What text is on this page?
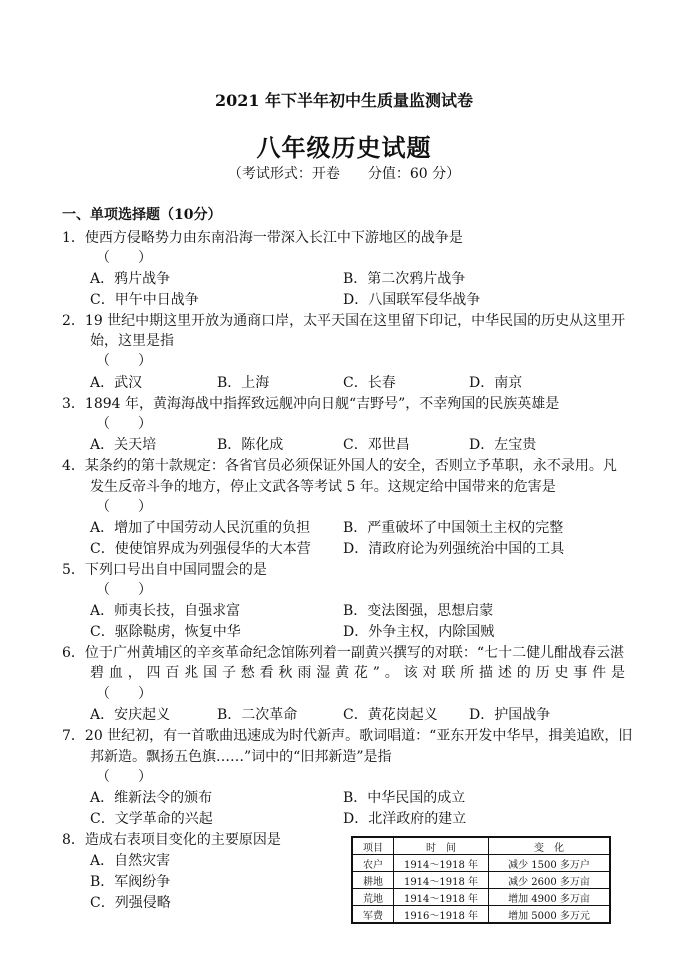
2021 年下半年初中生质量监测试卷
八年级历史试题
（考试形式：开卷　　分值：60 分）
一、单项选择题（10分）
1．使西方侵略势力由东南沿海一带深入长江中下游地区的战争是
（　　）
A．鸦片战争	B．第二次鸦片战争
C．甲午中日战争	D．八国联军侵华战争
2．19 世纪中期这里开放为通商口岸，太平天国在这里留下印记，中华民国的历史从这里开
始，这里是指
（　　）
A．武汉	B．上海	C．长春	D．南京
3．1894 年，黄海海战中指挥致远舰冲向日舰“吉野号”，不幸殉国的民族英雄是
（　　）
A．关天培	B．陈化成	C．邓世昌	D．左宝贵
4．某条约的第十款规定：各省官员必须保证外国人的安全，否则立予革职，永不录用。凡
发生反帝斗争的地方，停止文武各等考试 5 年。这规定给中国带来的危害是
（　　）
A．增加了中国劳动人民沉重的负担 B．严重破坏了中国领土主权的完整
C．使使馆界成为列强侵华的大本营 D．清政府论为列强统治中国的工具
5．下列口号出自中国同盟会的是
（　　）
A．师夷长技，自强求富	B．变法图强，思想启蒙
C．驱除鞑虏，恢复中华	D．外争主权，内除国贼
6．位于广州黄埔区的辛亥革命纪念馆陈列着一副黄兴撰写的对联：“七十二健儿酣战春云湛
碧血，四百兆国子愁看秋雨湿黄花”。该对联所描述的历史事件是
（　　）
A．安庆起义	B．二次革命	C．黄花岗起义 D．护国战争
7．20 世纪初，有一首歌曲迅速成为时代新声。歌词唱道：“亚东开发中华早，揖美追欧，旧
邦新造。飘扬五色旗……”词中的“旧邦新造”是指
（　　）
A．维新法令的颁布	B．中华民国的成立
C．文学革命的兴起	D．北洋政府的建立
8．造成右表项目变化的主要原因是
A．自然灾害
B．军阀纷争
C．列强侵略
项目	时　间	变　化
农户	1914～1918 年	减少 1500 多万户
耕地	1914～1918 年	减少 2600 多万亩
荒地	1914～1918 年	增加 4900 多万亩
军费	1916～1918 年	增加 5000 多万元
